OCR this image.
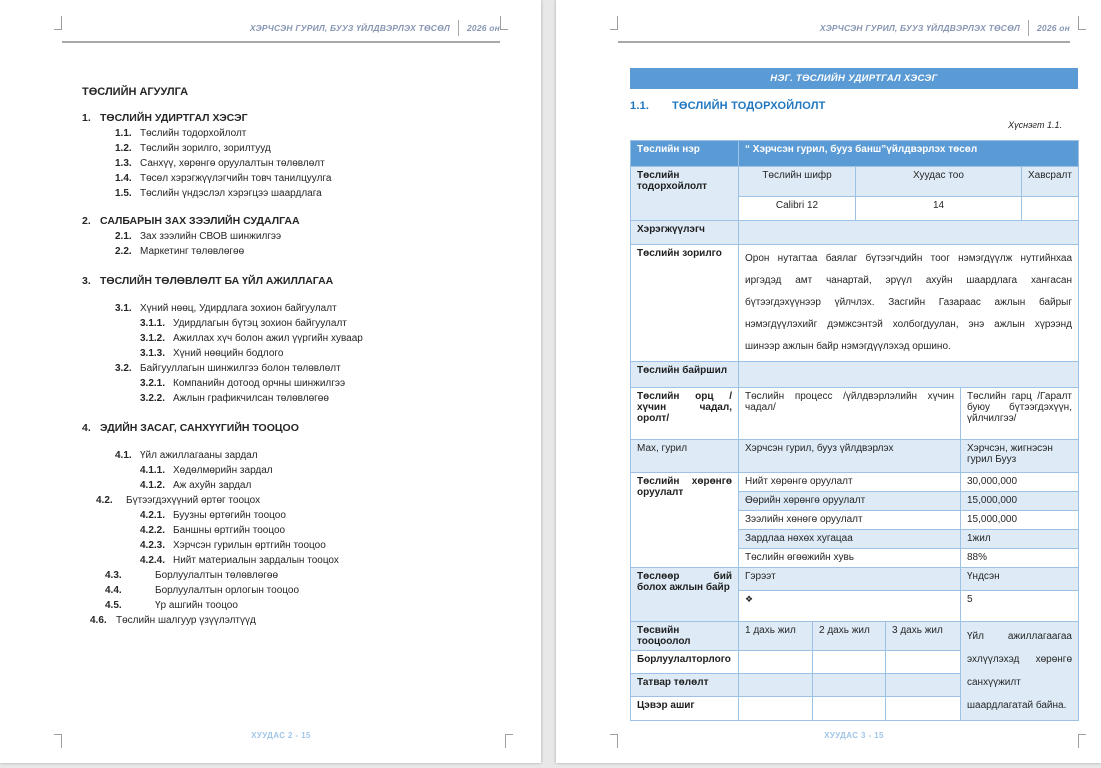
ХЭРЧСЭН ГУРИЛ, БУУЗ ҮЙЛДВЭРЛЭХ ТӨСӨЛ 2026 он
ТӨСЛИЙН АГУУЛГА
1. ТӨСЛИЙН УДИРТГАЛ ХЭСЭГ
1.1. Төслийн тодорхойлолт
1.2. Төслийн зорилго, зорилтууд
1.3. Санхүү, хөрөнгө оруулалтын төлөвлөлт
1.4. Төсөл хэрэгжүүлэгчийн товч танилцуулга
1.5. Төслийн үндэслэл хэрэгцээ шаардлага
2. САЛБАРЫН ЗАХ ЗЭЭЛИЙН СУДАЛГАА
2.1. Зах зээлийн СВОВ шинжилгээ
2.2. Маркетинг төлөвлөгөө
3. ТӨСЛИЙН ТӨЛӨВЛӨЛТ БА ҮЙЛ АЖИЛЛАГАА
3.1. Хүний нөөц, Удирдлага зохион байгуулалт
3.1.1. Удирдлагын бүтэц зохион байгуулалт
3.1.2. Ажиллах хүч болон ажил үүргийн хуваар
3.1.3. Хүний нөөцийн бодлого
3.2. Байгууллагын шинжилгээ болон төлөвлөлт
3.2.1. Компанийн дотоод орчны шинжилгээ
3.2.2. Ажлын графикчилсан төлөвлөгөө
4. ЭДИЙН ЗАСАГ, САНХҮҮГИЙН ТООЦОО
4.1. Үйл ажиллагааны зардал
4.1.1. Хөдөлмөрийн зардал
4.1.2. Аж ахуйн зардал
4.2.	Бүтээгдэхүүний өртөг тооцох
4.2.1. Буузны өртөгийн тооцоо
4.2.2. Баншны өртгийн тооцоо
4.2.3. Хэрчсэн гурилын өртгийн тооцоо
4.2.4. Нийт материалын зардалын тооцох
4.3.	Борлуулалтын төлөвлөгөө
4.4.	Борлуулалтын орлогын тооцоо
4.5.	Үр ашгийн тооцоо
4.6. Төслийн шалгуур үзүүлэлтүүд
ХУУДАС 2 - 15
ХЭРЧСЭН ГУРИЛ, БУУЗ ҮЙЛДВЭРЛЭХ ТӨСӨЛ 2026 он
НЭГ. ТӨСЛИЙН УДИРТГАЛ ХЭСЭГ
1.1. ТӨСЛИЙН ТОДОРХОЙЛОЛТ
Хүснэгт 1.1.
Төслийн нэр	“ Хэрчсэн гурил, бууз банш”үйлдвэрлэх төсөл					
Төслийн тодорхойлолт	Төслийн шифр		Хуудас тоо			Хавсралт
	Calibri 12		14			
Хэрэгжүүлэгч						
Төслийн зорилго	Орон нутагтаа баялаг бүтээгчдийн тоог нэмэгдүүлж нутгийнхаа иргэдэд амт чанартай, эрүүл ахуйн шаардлага хангасан бүтээгдэхүүнээр үйлчлэх. Засгийн Газараас ажлын байрыг нэмэгдүүлэхийг дэмжсэнтэй холбогдуулан, энэ ажлын хүрээнд шинээр ажлын байр нэмэгдүүлэхэд оршино.					
Төслийн байршил						
Төслийн орц /хүчин чадал, оролт/	Төслийн процесс /үйлдвэрлэлийн хүчин чадал/				Төслийн гарц /Гаралт буюу бүтээгдэхүүн, үйлчилгээ/	
Мах, гурил	Хэрчсэн гурил, бууз үйлдвэрлэх				Хэрчсэн, жигнэсэн гурил Бууз	
Төслийн хөрөнгө оруулалт	Нийт хөрөнгө оруулалт				30,000,000	
	Өөрийн хөрөнгө оруулалт				15,000,000	
	Зээлийн хөнөгө оруулалт				15,000,000	
	Зардлаа нөхөх хугацаа				1жил	
	Төслийн өгөөжийн хувь				88%	
Төслөөр бий болох ажлын байр	Гэрээт				Үндсэн	
	❖				5	
Төсвийн тооцоолол	1 дахь жил	2 дахь жил		3 дахь жил	Үйл ажиллагаагаа эхлүүлэхэд хөрөнгө санхүүжилт шаардлагатай байна.	
Борлуулалторлого						
Татвар төлөлт						
Цэвэр ашиг						
ХУУДАС 3 - 15
